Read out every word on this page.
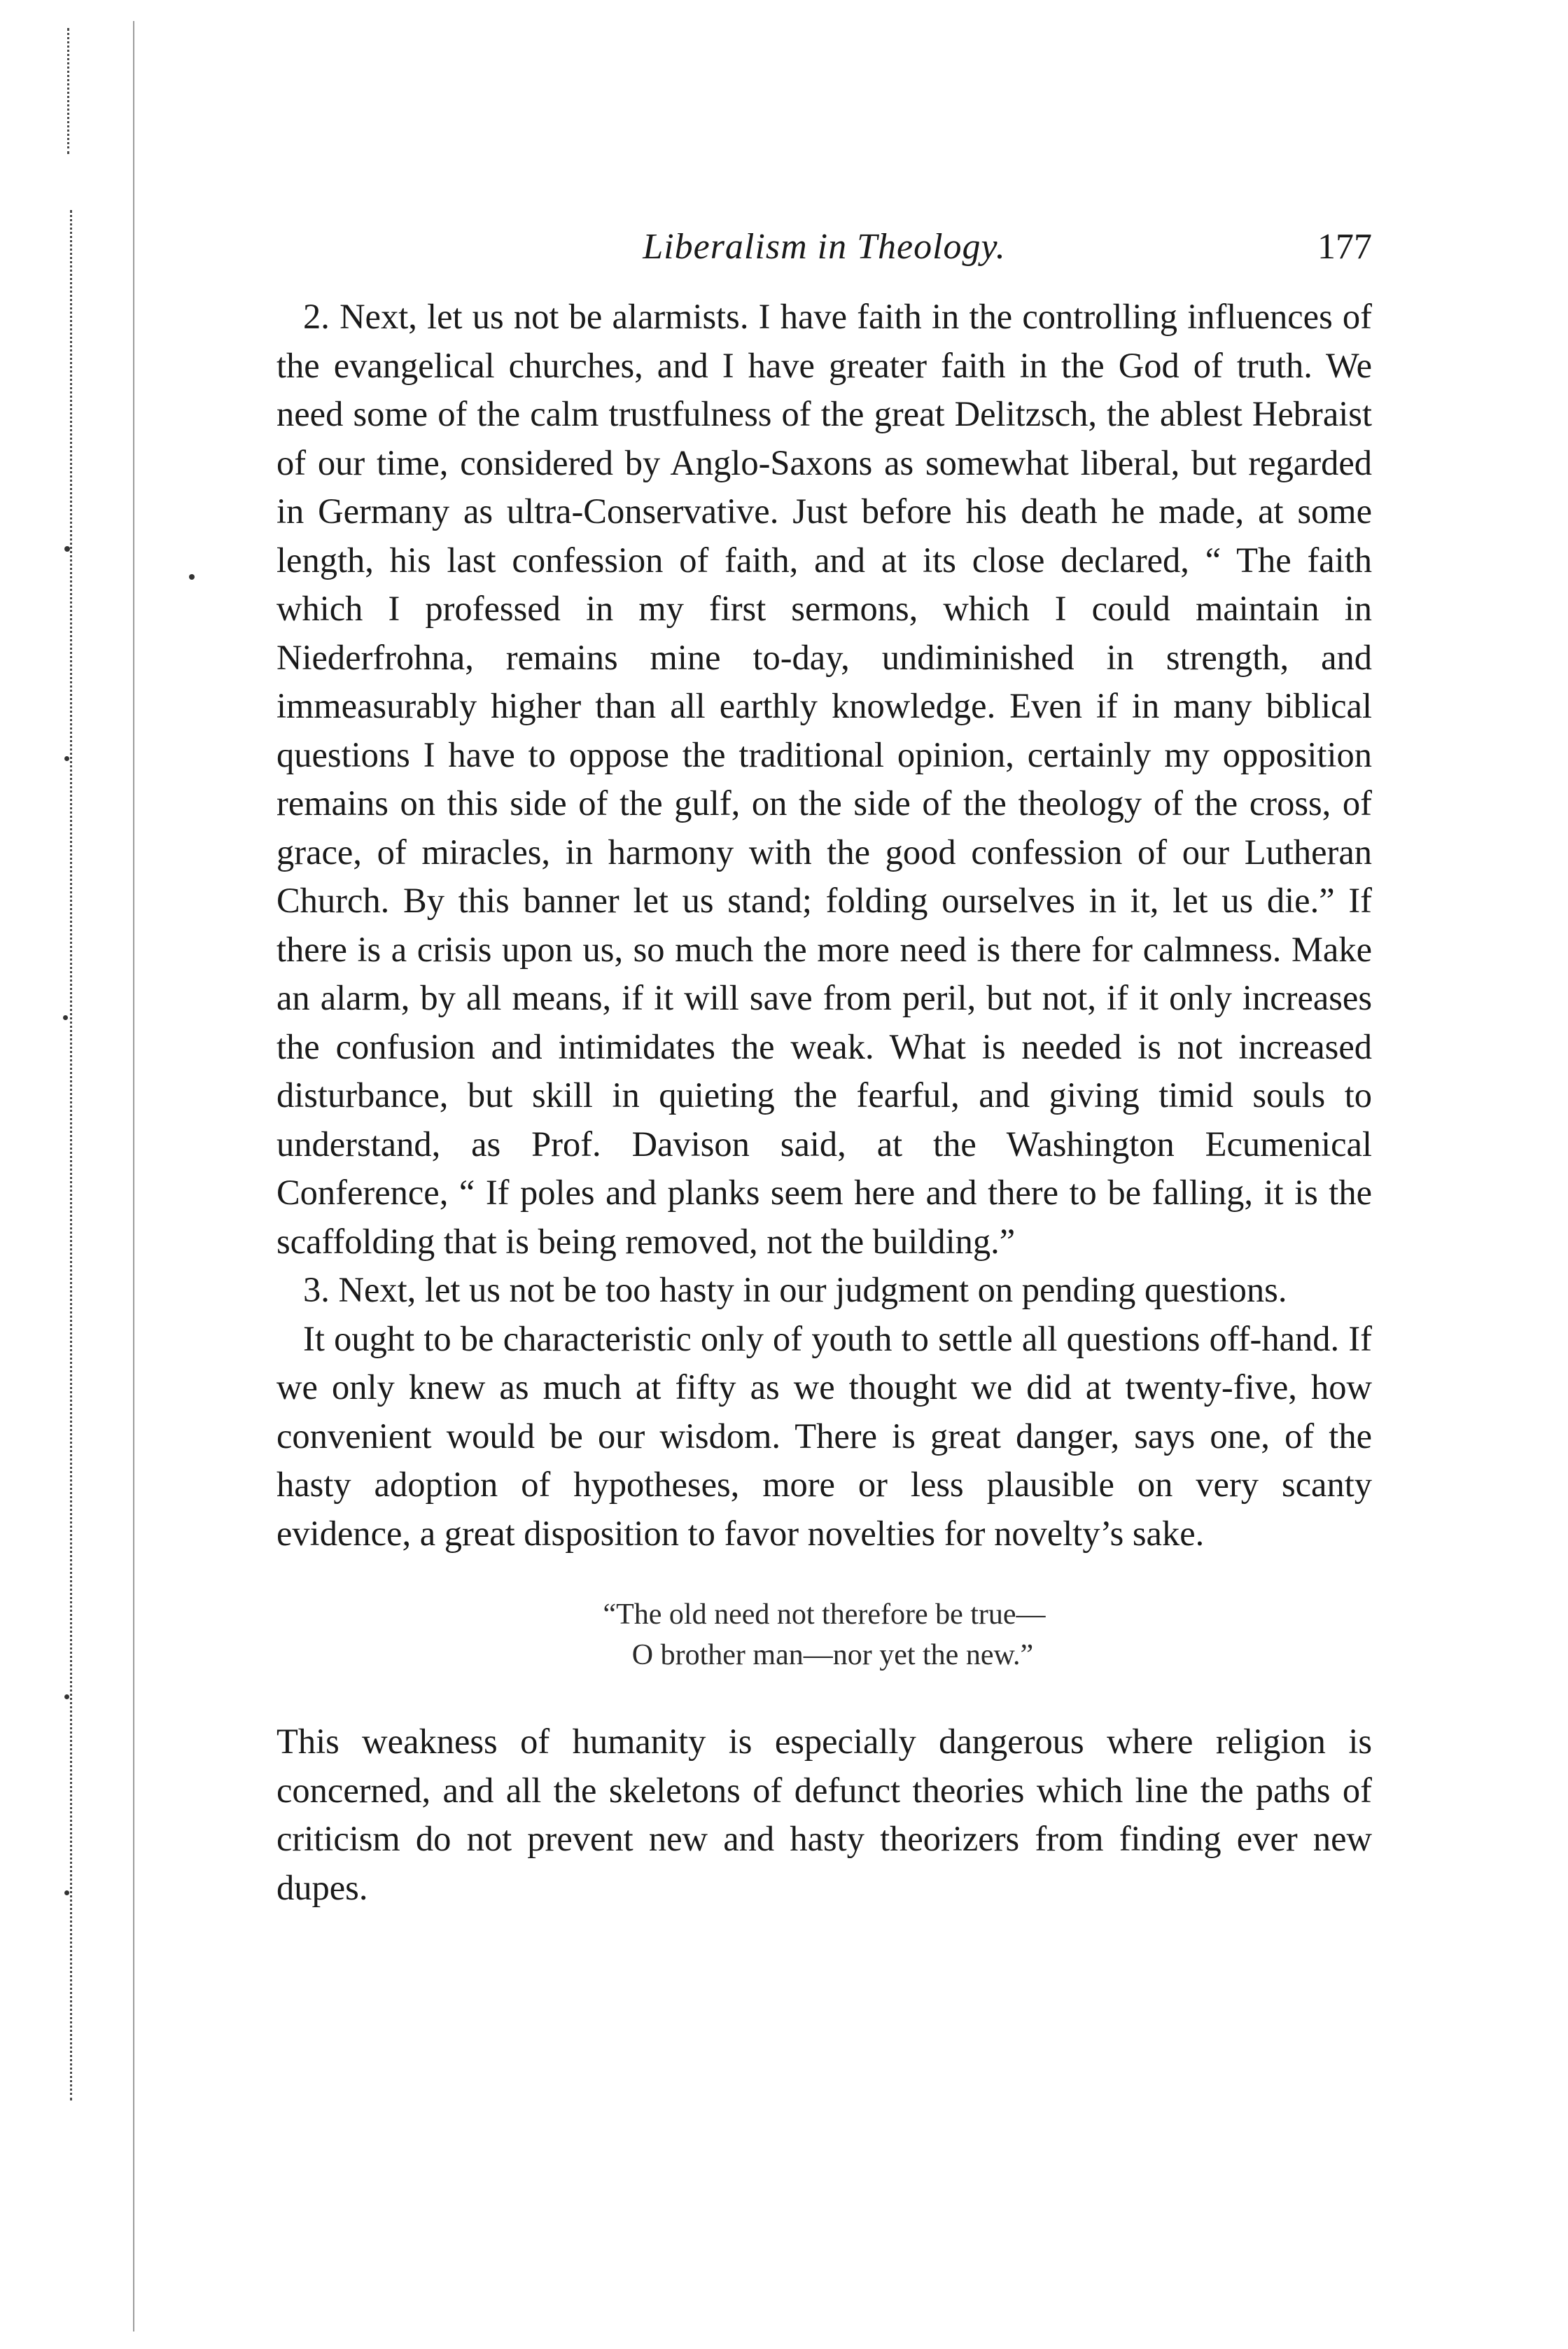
Liberalism in Theology.	177

2. Next, let us not be alarmists. I have faith in the controlling influences of the evangelical churches, and I have greater faith in the God of truth. We need some of the calm trustfulness of the great Delitzsch, the ablest Hebraist of our time, considered by Anglo-Saxons as somewhat liberal, but regarded in Germany as ultra-Conservative. Just before his death he made, at some length, his last confession of faith, and at its close declared, “ The faith which I professed in my first sermons, which I could maintain in Niederfrohna, remains mine to-day, undiminished in strength, and immeasurably higher than all earthly knowledge. Even if in many biblical questions I have to oppose the traditional opinion, certainly my opposition remains on this side of the gulf, on the side of the theology of the cross, of grace, of miracles, in harmony with the good confession of our Lutheran Church. By this banner let us stand; folding ourselves in it, let us die.” If there is a crisis upon us, so much the more need is there for calmness. Make an alarm, by all means, if it will save from peril, but not, if it only increases the confusion and intimidates the weak. What is needed is not increased disturbance, but skill in quieting the fearful, and giving timid souls to understand, as Prof. Davison said, at the Washington Ecumenical Conference, “ If poles and planks seem here and there to be falling, it is the scaffolding that is being removed, not the building.”

3. Next, let us not be too hasty in our judgment on pending questions.

It ought to be characteristic only of youth to settle all questions off-hand. If we only knew as much at fifty as we thought we did at twenty-five, how convenient would be our wisdom. There is great danger, says one, of the hasty adoption of hypotheses, more or less plausible on very scanty evidence, a great disposition to favor novelties for novelty’s sake.

“The old need not therefore be true—
O brother man—nor yet the new.”

This weakness of humanity is especially dangerous where religion is concerned, and all the skeletons of defunct theories which line the paths of criticism do not prevent new and hasty theorizers from finding ever new dupes.
